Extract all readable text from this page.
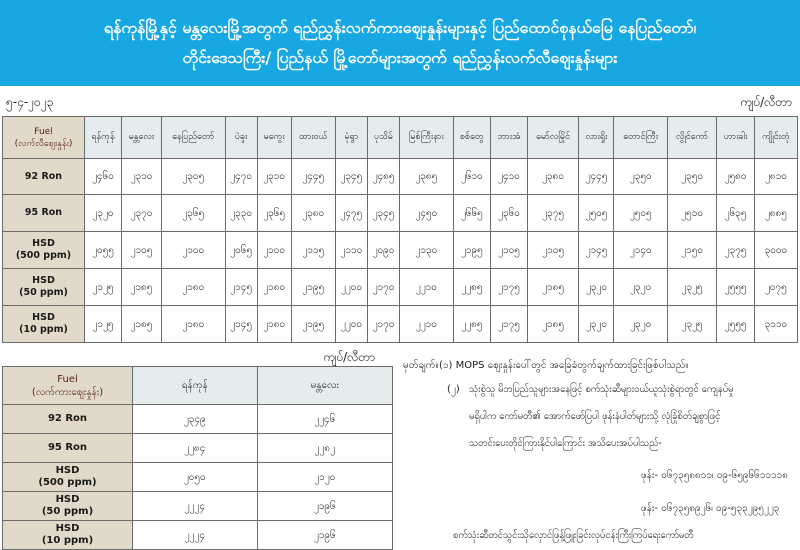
ရန်ကုန်မြို့နှင့် မန္တလေးမြို့အတွက် ရည်ညွှန်းလက်ကားဈေးနှုန်းများနှင့် ပြည်ထောင်စုနယ်မြေ နေပြည်တော်၊
တိုင်းဒေသကြီး/ ပြည်နယ် မြို့တော်များအတွက် ရည်ညွှန်းလက်လီဈေးနှုန်းများ
၅-၄-၂၀၂၃	ကျပ်/လီတာ
Fuel
(လက်လီဈေးနှုန်း)	ရန်ကုန်	မန္တလေး	နေပြည်တော်	ပဲခူး	မကွေး	ထားဝယ်	မုံရွာ	ပုသိမ်	မြစ်ကြီးနား	စစ်တွေ	ဘားအံ	မော်လမြိုင်	လားရှိုး	တောင်ကြီး	လွိုင်ကော်	ဟားခါး	ကျိုင်းတုံ

92 Ron	၂၄၆၀	၂၃၁၀	၂၃၀၅	၂၄၇၀	၂၃၁၀	၂၄၄၅	၂၃၄၅	၂၄၈၅	၂၃၈၅	၂၆၁၀	၂၄၁၀	၂၃၈၀	၂၄၄၅	၂၃၅၀	၂၃၅၀	၂၅၈၀	၂၈၁၀

95 Ron	၂၃၂၀	၂၃၇၀	၂၃၆၅	၂၃၃၀	၂၃၆၅	၂၃၈၀	၂၄၇၅	၂၃၄၅	၂၄၅၀	၂၆၆၅	၂၃၆၀	၂၃၇၅	၂၅၀၅	၂၅၀၅	၂၅၁၀	၂၆၃၅	၂၈၈၅

HSD
(500 ppm)	၂၀၅၅	၂၁၀၅	၂၁၀၀	၂၀၆၅	၂၁၀၀	၂၁၁၅	၂၁၁၀	၂၀၉၀	၂၁၃၀	၂၁၉၅	၂၁၀၅	၂၁၀၅	၂၁၄၅	၂၁၄၀	၂၁၅၀	၂၃၇၅	၃၀၀၀

HSD
(50 ppm)	၂၁၂၅	၂၁၈၅	၂၁၈၀	၂၁၄၅	၂၁၈၀	၂၁၉၅	၂၂၀၀	၂၁၇၀	၂၂၁၀	၂၂၈၅	၂၁၇၅	၂၁၈၅	၂၃၂၀	၂၃၂၀	၂၃၂၅	၂၅၅၅	၂၀၇၅

HSD
(10 ppm)	၂၁၂၅	၂၁၈၅	၂၁၈၀	၂၁၄၅	၂၁၈၀	၂၁၉၅	၂၂၀၀	၂၁၇၀	၂၂၁၀	၂၂၈၅	၂၁၇၅	၂၁၈၅	၂၃၂၀	၂၃၂၀	၂၃၂၅	၂၅၅၅	၃၁၁၀
ကျပ်/လီတာ
Fuel
(လက်ကားဈေးနှုန်း)	ရန်ကုန်	မန္တလေး

92 Ron	၂၃၄၉	၂၂၄၆

95 Ron	၂၂၈၄	၂၂၈၂

HSD
(500 ppm)	၂၀၅၀	၂၁၂၀

HSD
(50 ppm)	၂၂၂၄	၂၁၉၆

HSD
(10 ppm)	၂၂၂၄	၂၁၉၆
မှတ်ချက်။ (၁) MOPS ဈေးနှုန်းပေါ်တွင် အခြေခံတွက်ချက်ထားခြင်းဖြစ်ပါသည်။
(၂) သုံးစွဲသူ မိဘပြည်သူများအနေဖြင့် စက်သုံးဆီများဝယ်ယူသုံးစွဲရာတွင် ကျေနပ်မှု
မရှိပါက ကော်မတီ၏ အောက်ဖော်ပြပါ ဖုန်းနံပါတ်များသို့ လုံခြုံစိတ်ချစွာဖြင့်
သတင်းပေးတိုင်ကြားနိုင်ပါကြောင်း အသိပေးအပ်ပါသည်-
ဖုန်း- ၀၆၇၃၅၈၈၁၁၊ ၀၉-၆၅၉၆၆၁၁၁၁၈
ဖုန်း- ၀၆၇၃၅၈၉၂၆၊ ၀၉-၅၃၃၂၉၅၂၂၃
စက်သုံးဆီတင်သွင်းသိုလှောင်ဖြန့်ဖြူးခြင်းလုပ်ငန်းကြီးကြပ်ရေးကော်မတီ
